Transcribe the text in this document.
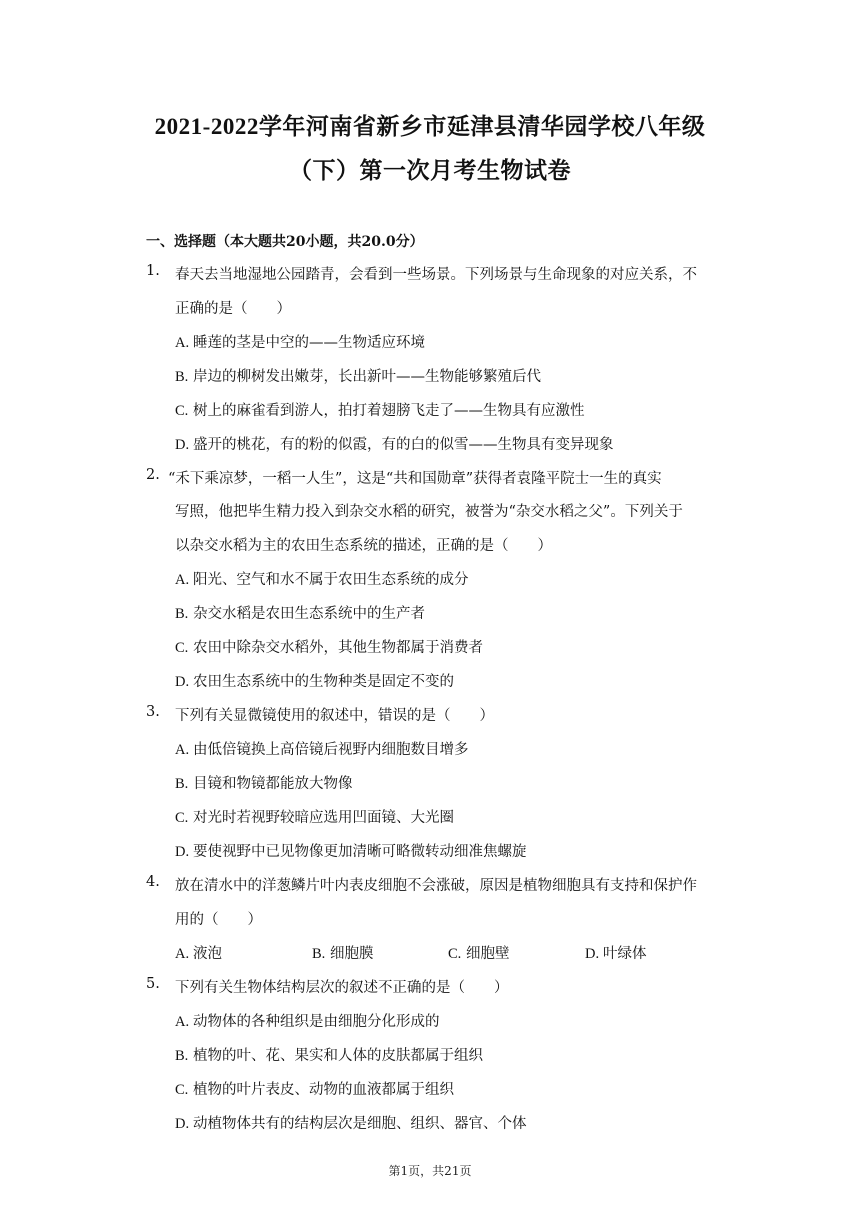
2021-2022学年河南省新乡市延津县清华园学校八年级
（下）第一次月考生物试卷
一、选择题（本大题共20小题，共20.0分）
1. 春天去当地湿地公园踏青，会看到一些场景。下列场景与生命现象的对应关系，不
正确的是（　　）
A. 睡莲的茎是中空的——生物适应环境
B. 岸边的柳树发出嫩芽，长出新叶——生物能够繁殖后代
C. 树上的麻雀看到游人，拍打着翅膀飞走了——生物具有应激性
D. 盛开的桃花，有的粉的似霞，有的白的似雪——生物具有变异现象
2. “禾下乘凉梦，一稻一人生”，这是“共和国勋章”获得者袁隆平院士一生的真实
写照，他把毕生精力投入到杂交水稻的研究，被誉为“杂交水稻之父”。下列关于
以杂交水稻为主的农田生态系统的描述，正确的是（　　）
A. 阳光、空气和水不属于农田生态系统的成分
B. 杂交水稻是农田生态系统中的生产者
C. 农田中除杂交水稻外，其他生物都属于消费者
D. 农田生态系统中的生物种类是固定不变的
3. 下列有关显微镜使用的叙述中，错误的是（　　）
A. 由低倍镜换上高倍镜后视野内细胞数目增多
B. 目镜和物镜都能放大物像
C. 对光时若视野较暗应选用凹面镜、大光圈
D. 要使视野中已见物像更加清晰可略微转动细准焦螺旋
4. 放在清水中的洋葱鳞片叶内表皮细胞不会涨破，原因是植物细胞具有支持和保护作
用的（　　）
A. 液泡	B. 细胞膜	C. 细胞壁	D. 叶绿体
5. 下列有关生物体结构层次的叙述不正确的是（　　）
A. 动物体的各种组织是由细胞分化形成的
B. 植物的叶、花、果实和人体的皮肤都属于组织
C. 植物的叶片表皮、动物的血液都属于组织
D. 动植物体共有的结构层次是细胞、组织、器官、个体
第1页，共21页
